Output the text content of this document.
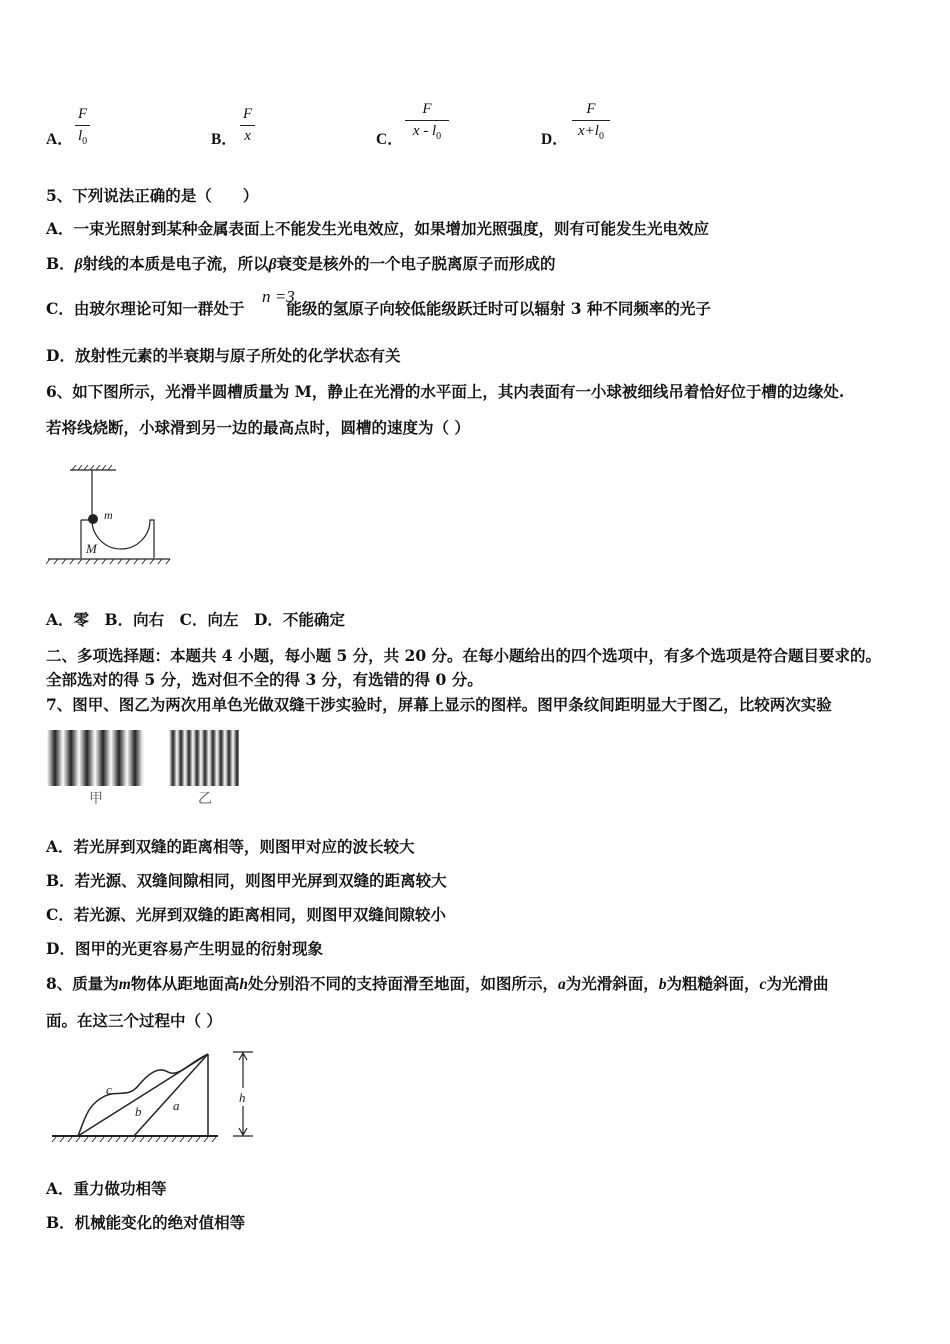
A．
F
$l_0$	B．
F
x	C．
F
x - $l_0$	D．
F
$x+l_0$
5、下列说法正确的是（　　）
A．一束光照射到某种金属表面上不能发生光电效应，如果增加光照强度，则有可能发生光电效应
B．β射线的本质是电子流，所以β衰变是核外的一个电子脱离原子而形成的
C．由玻尔理论可知一群处于	能级的氢原子向较低能级跃迁时可以辐射 3 种不同频率的光子
n =3
D．放射性元素的半衰期与原子所处的化学状态有关
6、如下图所示，光滑半圆槽质量为 M，静止在光滑的水平面上，其内表面有一小球被细线吊着恰好位于槽的边缘处.
若将线烧断，小球滑到另一边的最高点时，圆槽的速度为（ ）
m
M
A．零　B．向右　C．向左　D．不能确定
二、多项选择题：本题共 4 小题，每小题 5 分，共 20 分。在每小题给出的四个选项中，有多个选项是符合题目要求的。
全部选对的得 5 分，选对但不全的得 3 分，有选错的得 0 分。
7、图甲、图乙为两次用单色光做双缝干涉实验时，屏幕上显示的图样。图甲条纹间距明显大于图乙，比较两次实验
甲	乙
A．若光屏到双缝的距离相等，则图甲对应的波长较大
B．若光源、双缝间隙相同，则图甲光屏到双缝的距离较大
C．若光源、光屏到双缝的距离相同，则图甲双缝间隙较小
D．图甲的光更容易产生明显的衍射现象
8、质量为m物体从距地面高h处分别沿不同的支持面滑至地面，如图所示，a为光滑斜面，b为粗糙斜面，c为光滑曲
面。在这三个过程中（ ）
c
b a
h
A．重力做功相等
B．机械能变化的绝对值相等
